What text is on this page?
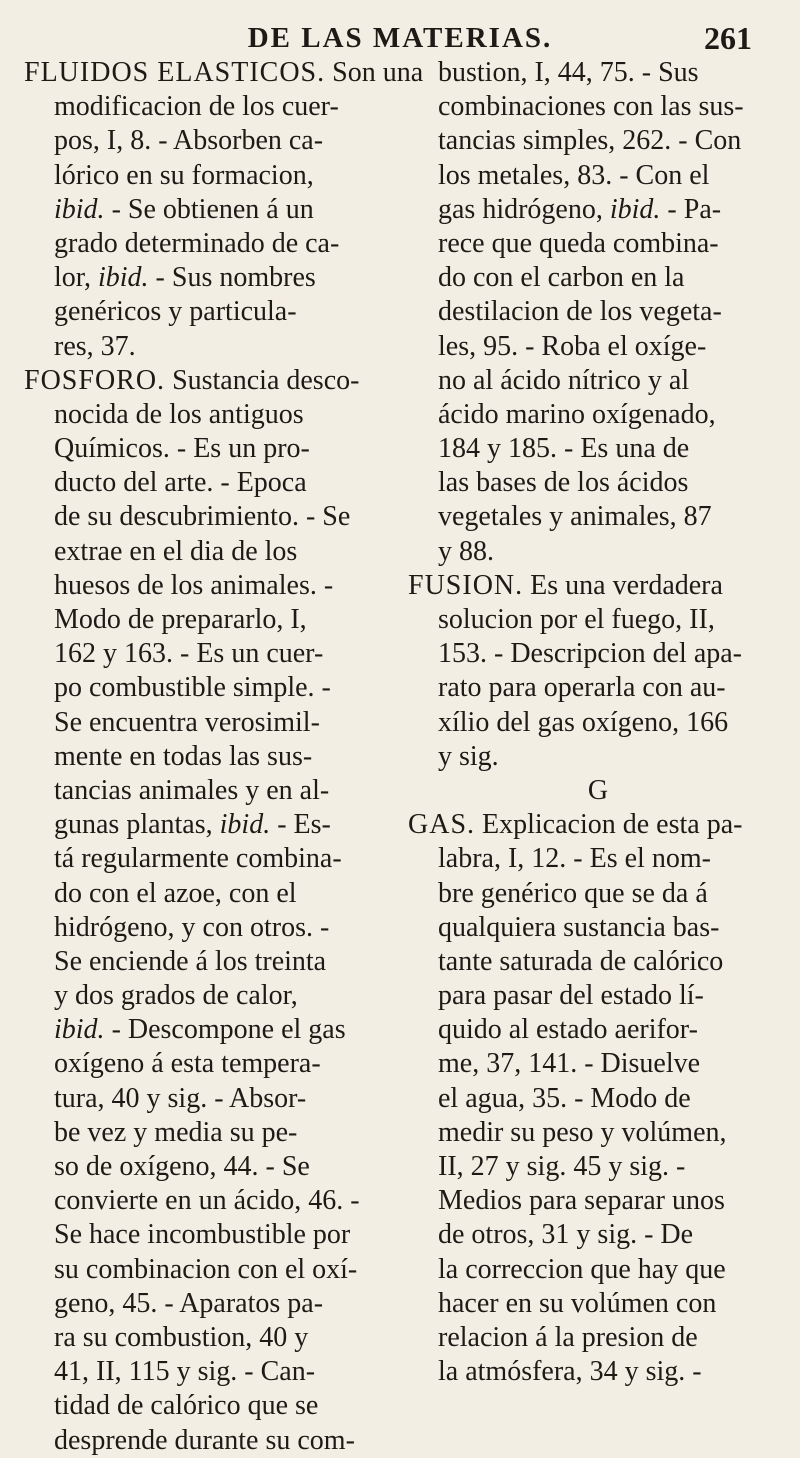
DE LAS MATERIAS.	261
FLUIDOS ELASTICOS. Son una
modificacion de los cuer-
pos, I, 8. - Absorben ca-
lórico en su formacion,
ibid. - Se obtienen á un
grado determinado de ca-
lor, ibid. - Sus nombres
genéricos y particula-
res, 37.
FOSFORO. Sustancia desco-
nocida de los antiguos
Químicos. - Es un pro-
ducto del arte. - Epoca
de su descubrimiento. - Se
extrae en el dia de los
huesos de los animales. -
Modo de prepararlo, I,
162 y 163. - Es un cuer-
po combustible simple. -
Se encuentra verosimil-
mente en todas las sus-
tancias animales y en al-
gunas plantas, ibid. - Es-
tá regularmente combina-
do con el azoe, con el
hidrógeno, y con otros. -
Se enciende á los treinta
y dos grados de calor,
ibid. - Descompone el gas
oxígeno á esta tempera-
tura, 40 y sig. - Absor-
be vez y media su pe-
so de oxígeno, 44. - Se
convierte en un ácido, 46. -
Se hace incombustible por
su combinacion con el oxí-
geno, 45. - Aparatos pa-
ra su combustion, 40 y
41, II, 115 y sig. - Can-
tidad de calórico que se
desprende durante su com-
bustion, I, 44, 75. - Sus
combinaciones con las sus-
tancias simples, 262. - Con
los metales, 83. - Con el
gas hidrógeno, ibid. - Pa-
rece que queda combina-
do con el carbon en la
destilacion de los vegeta-
les, 95. - Roba el oxíge-
no al ácido nítrico y al
ácido marino oxígenado,
184 y 185. - Es una de
las bases de los ácidos
vegetales y animales, 87
y 88.
FUSION. Es una verdadera
solucion por el fuego, II,
153. - Descripcion del apa-
rato para operarla con au-
xílio del gas oxígeno, 166
y sig.
G
GAS. Explicacion de esta pa-
labra, I, 12. - Es el nom-
bre genérico que se da á
qualquiera sustancia bas-
tante saturada de calórico
para pasar del estado lí-
quido al estado aerifor-
me, 37, 141. - Disuelve
el agua, 35. - Modo de
medir su peso y volúmen,
II, 27 y sig. 45 y sig. -
Medios para separar unos
de otros, 31 y sig. - De
la correccion que hay que
hacer en su volúmen con
relacion á la presion de
la atmósfera, 34 y sig. -
